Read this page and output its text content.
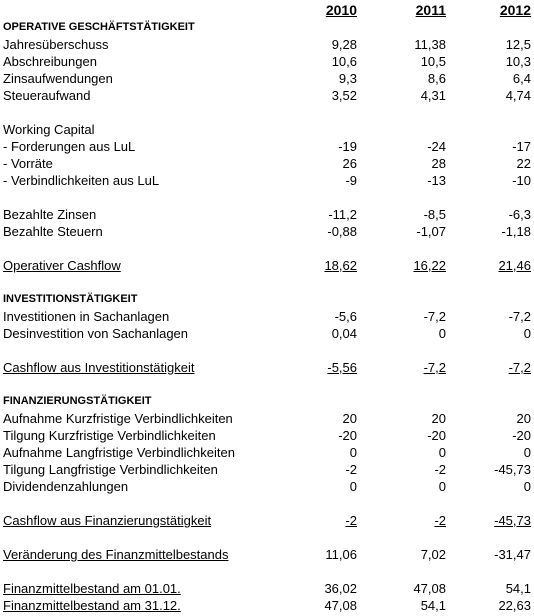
2010	2011	2012
OPERATIVE GESCHÄFTSTÄTIGKEIT
Jahresüberschuss	9,28	11,38	12,5
Abschreibungen	10,6	10,5	10,3
Zinsaufwendungen	9,3	8,6	6,4
Steueraufwand	3,52	4,31	4,74
Working Capital
- Forderungen aus LuL	-19	-24	-17
- Vorräte	26	28	22
- Verbindlichkeiten aus LuL	-9	-13	-10
Bezahlte Zinsen	-11,2	-8,5	-6,3
Bezahlte Steuern	-0,88	-1,07	-1,18
Operativer Cashflow	18,62	16,22	21,46
INVESTITIONSTÄTIGKEIT
Investitionen in Sachanlagen	-5,6	-7,2	-7,2
Desinvestition von Sachanlagen	0,04	0	0
Cashflow aus Investitionstätigkeit	-5,56	-7,2	-7,2
FINANZIERUNGSTÄTIGKEIT
Aufnahme Kurzfristige Verbindlichkeiten	20	20	20
Tilgung Kurzfristige Verbindlichkeiten	-20	-20	-20
Aufnahme Langfristige Verbindlichkeiten	0	0	0
Tilgung Langfristige Verbindlichkeiten	-2	-2	-45,73
Dividendenzahlungen	0	0	0
Cashflow aus Finanzierungstätigkeit	-2	-2	-45,73
Veränderung des Finanzmittelbestands	11,06	7,02	-31,47
Finanzmittelbestand am 01.01.	36,02	47,08	54,1
Finanzmittelbestand am 31.12.	47,08	54,1	22,63
